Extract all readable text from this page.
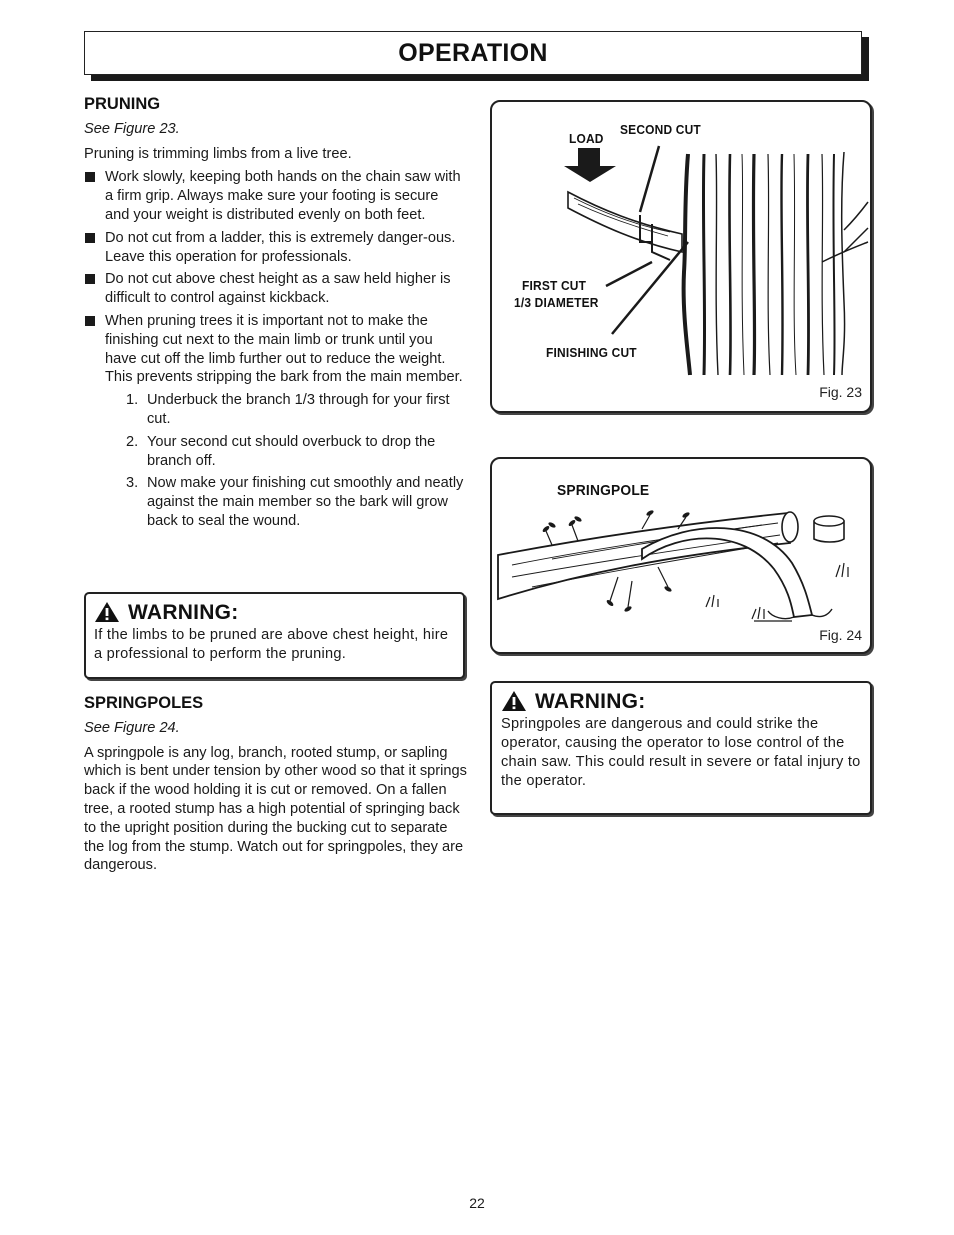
OPERATION
PRUNING
See Figure 23.
Pruning is trimming limbs from a live tree.
Work slowly, keeping both hands on the chain saw with a firm grip. Always make sure your footing is secure and your weight is distributed evenly on both feet.
Do not cut from a ladder, this is extremely danger-ous. Leave this operation for professionals.
Do not cut above chest height as a saw held higher is difficult to control against kickback.
When pruning trees it is important not to make the finishing cut next to the main limb or trunk until you have cut off the limb further out to reduce the weight. This prevents stripping the bark from the main member.
1. Underbuck the branch 1/3 through for your first cut.
2. Your second cut should overbuck to drop the branch off.
3. Now make your finishing cut smoothly and neatly against the main member so the bark will grow back to seal the wound.
WARNING:
If the limbs to be pruned are above chest height, hire a professional to perform the pruning.
SPRINGPOLES
See Figure 24.
A springpole is any log, branch, rooted stump, or sapling which is bent under tension by other wood so that it springs back if the wood holding it is cut or removed. On a fallen tree, a rooted stump has a high potential of springing back to the upright position during the bucking cut to separate the log from the stump. Watch out for springpoles, they are dangerous.
LOAD
SECOND CUT
FIRST CUT
1/3 DIAMETER
FINISHING CUT
Fig. 23
SPRINGPOLE
Fig. 24
WARNING:
Springpoles are dangerous and could strike the operator, causing the operator to lose control of the chain saw. This could result in severe or fatal injury to the operator.
22
